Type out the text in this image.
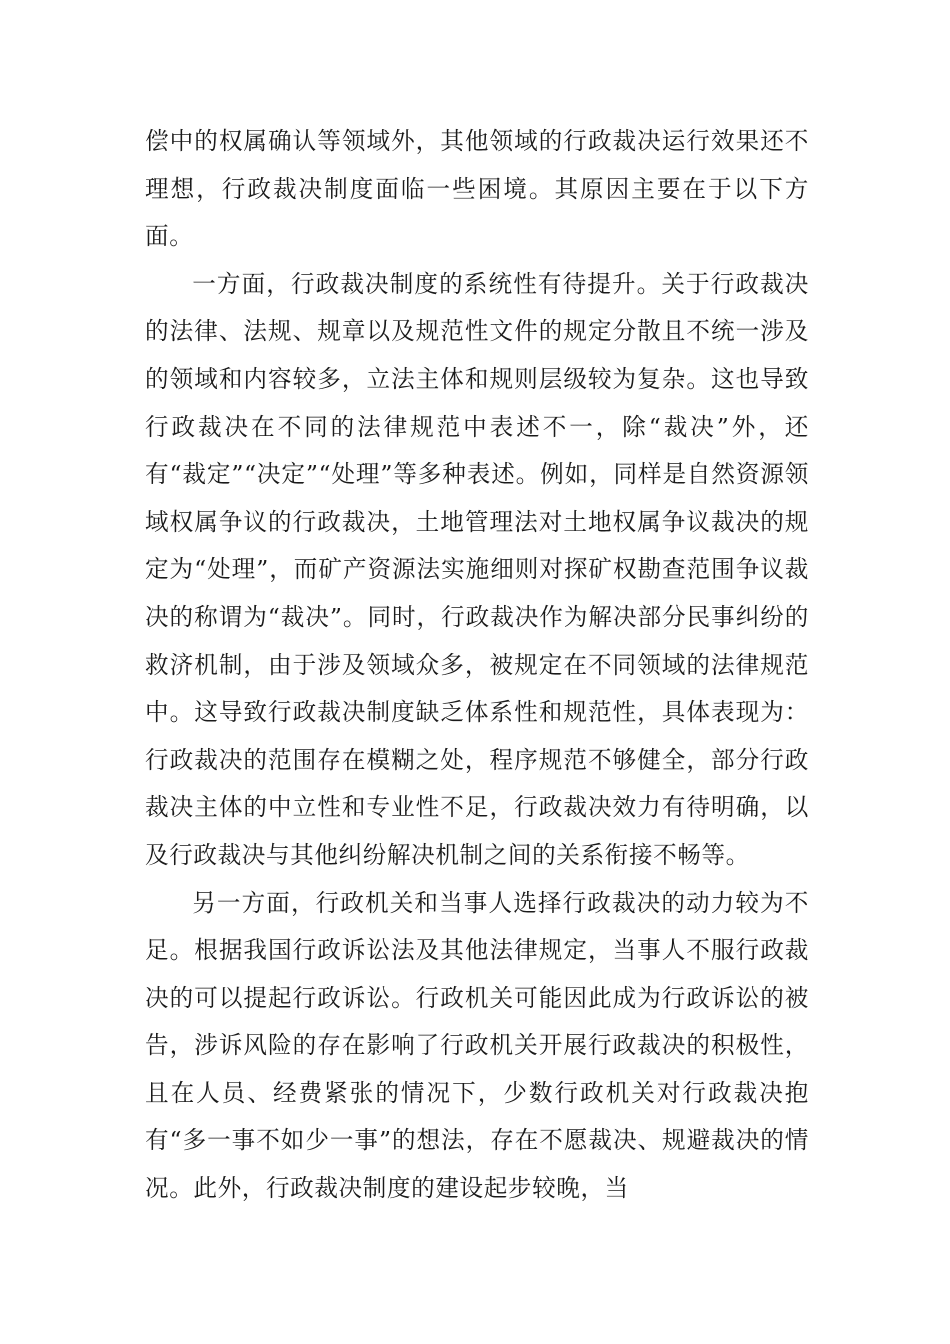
偿中的权属确认等领域外，其他领域的行政裁决运行效果还不理想，行政裁决制度面临一些困境。其原因主要在于以下方面。

一方面，行政裁决制度的系统性有待提升。关于行政裁决的法律、法规、规章以及规范性文件的规定分散且不统一涉及的领域和内容较多，立法主体和规则层级较为复杂。这也导致行政裁决在不同的法律规范中表述不一，除“裁决”外，还有“裁定”“决定”“处理”等多种表述。例如，同样是自然资源领域权属争议的行政裁决，土地管理法对土地权属争议裁决的规定为“处理”，而矿产资源法实施细则对探矿权勘查范围争议裁决的称谓为“裁决”。同时，行政裁决作为解决部分民事纠纷的救济机制，由于涉及领域众多，被规定在不同领域的法律规范中。这导致行政裁决制度缺乏体系性和规范性，具体表现为：行政裁决的范围存在模糊之处，程序规范不够健全，部分行政裁决主体的中立性和专业性不足，行政裁决效力有待明确，以及行政裁决与其他纠纷解决机制之间的关系衔接不畅等。

另一方面，行政机关和当事人选择行政裁决的动力较为不足。根据我国行政诉讼法及其他法律规定，当事人不服行政裁决的可以提起行政诉讼。行政机关可能因此成为行政诉讼的被告，涉诉风险的存在影响了行政机关开展行政裁决的积极性，且在人员、经费紧张的情况下，少数行政机关对行政裁决抱有“多一事不如少一事”的想法，存在不愿裁决、规避裁决的情况。此外，行政裁决制度的建设起步较晚，当
